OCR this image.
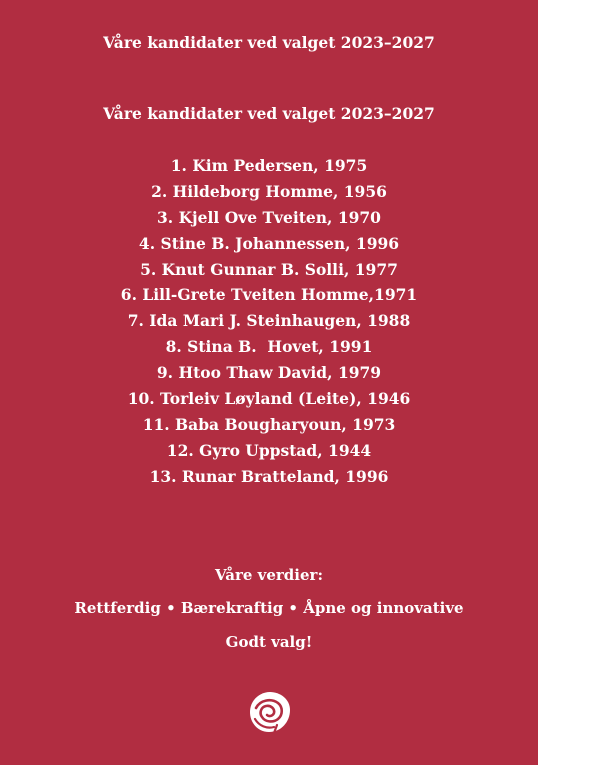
Våre kandidater ved valget 2023–2027
Våre kandidater ved valget 2023–2027
1. Kim Pedersen, 1975
2. Hildeborg Homme, 1956
3. Kjell Ove Tveiten, 1970
4. Stine B. Johannessen, 1996
5. Knut Gunnar B. Solli, 1977
6. Lill-Grete Tveiten Homme,1971
7. Ida Mari J. Steinhaugen, 1988
8. Stina B.  Hovet, 1991
9. Htoo Thaw David, 1979
10. Torleiv Løyland (Leite), 1946
11. Baba Bougharyoun, 1973
12. Gyro Uppstad, 1944
13. Runar Bratteland, 1996
Våre verdier:
Rettferdig • Bærekraftig • Åpne og innovative
Godt valg!
